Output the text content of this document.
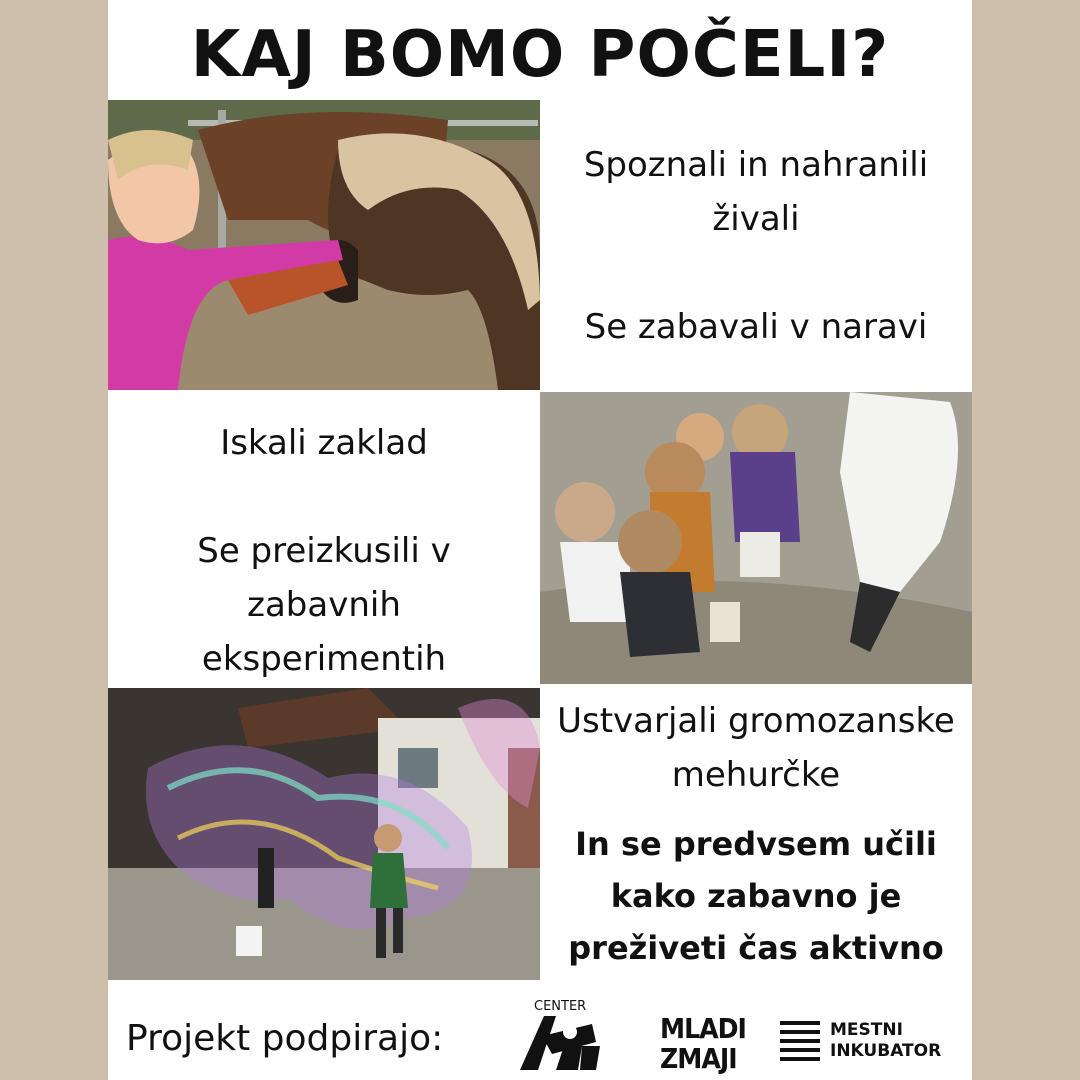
KAJ BOMO POČELI?
Spoznali in nahranili
živali
Se zabavali v naravi
Iskali zaklad
Se preizkusili v
zabavnih
eksperimentih
Ustvarjali gromozanske
mehurčke
In se predvsem učili
kako zabavno je
preživeti čas aktivno
Projekt podpirajo:
CENTER
MLADI
ZMAJI
MESTNI
INKUBATOR
